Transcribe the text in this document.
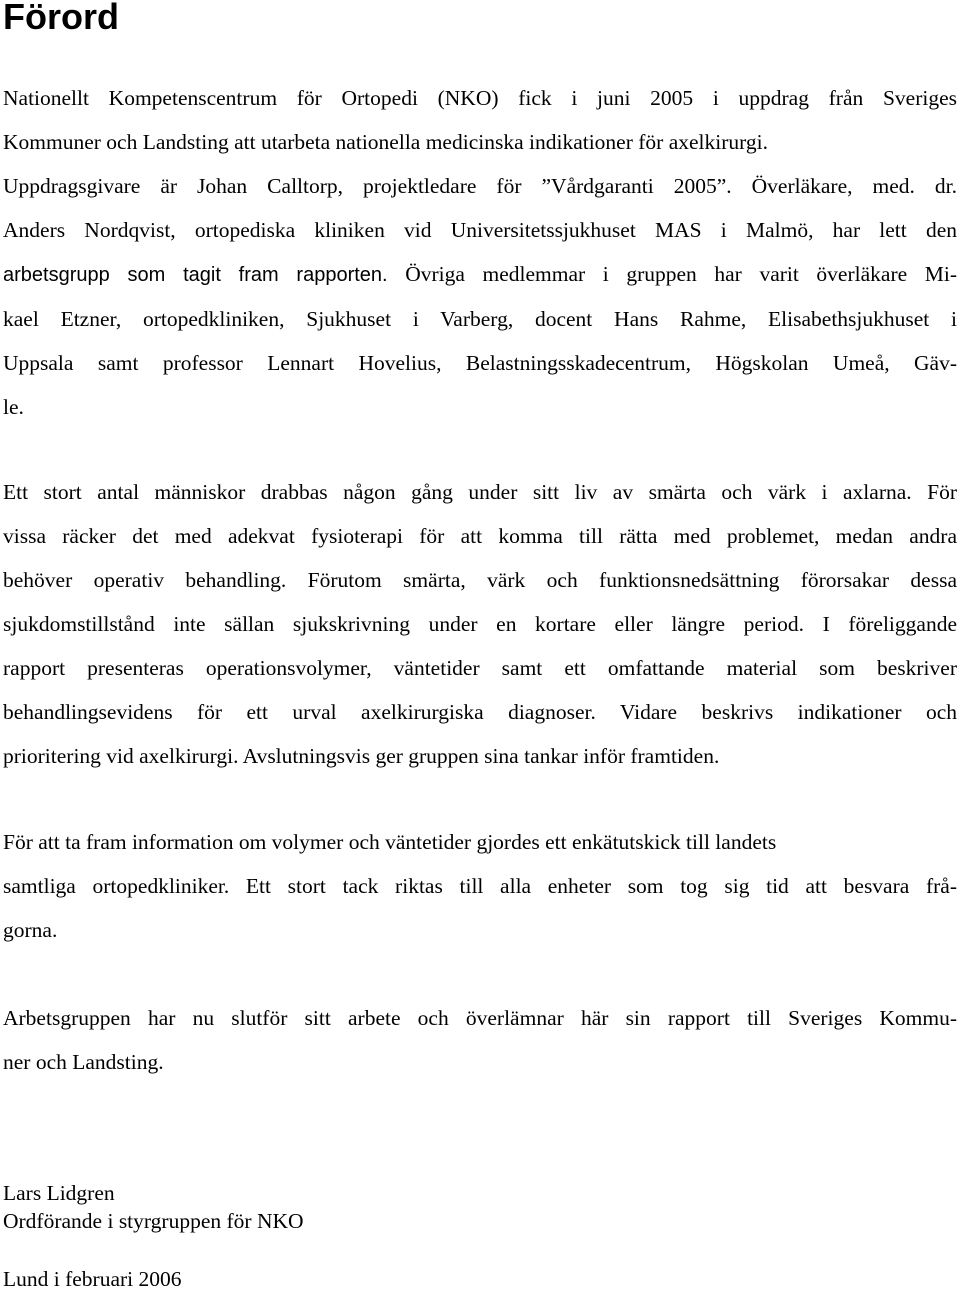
Förord
Nationellt Kompetenscentrum för Ortopedi (NKO) fick i juni 2005 i uppdrag från Sveriges
Kommuner och Landsting att utarbeta nationella medicinska indikationer för axelkirurgi.
Uppdragsgivare är Johan Calltorp, projektledare för ”Vårdgaranti 2005”. Överläkare, med. dr.
Anders Nordqvist, ortopediska kliniken vid Universitetssjukhuset MAS i Malmö, har lett den
arbetsgrupp som tagit fram rapporten. Övriga medlemmar i gruppen har varit överläkare Mi-
kael Etzner, ortopedkliniken, Sjukhuset i Varberg, docent Hans Rahme, Elisabethsjukhuset i
Uppsala samt professor Lennart Hovelius, Belastningsskadecentrum, Högskolan Umeå, Gäv-
le.
Ett stort antal människor drabbas någon gång under sitt liv av smärta och värk i axlarna. För
vissa räcker det med adekvat fysioterapi för att komma till rätta med problemet, medan andra
behöver operativ behandling. Förutom smärta, värk och funktionsnedsättning förorsakar dessa
sjukdomstillstånd inte sällan sjukskrivning under en kortare eller längre period. I föreliggande
rapport presenteras operationsvolymer, väntetider samt ett omfattande material som beskriver
behandlingsevidens för ett urval axelkirurgiska diagnoser. Vidare beskrivs indikationer och
prioritering vid axelkirurgi. Avslutningsvis ger gruppen sina tankar inför framtiden.
För att ta fram information om volymer och väntetider gjordes ett enkätutskick till landets
samtliga ortopedkliniker. Ett stort tack riktas till alla enheter som tog sig tid att besvara frå-
gorna.
Arbetsgruppen har nu slutför sitt arbete och överlämnar här sin rapport till Sveriges Kommu-
ner och Landsting.
Lars Lidgren
Ordförande i styrgruppen för NKO
Lund i februari 2006
